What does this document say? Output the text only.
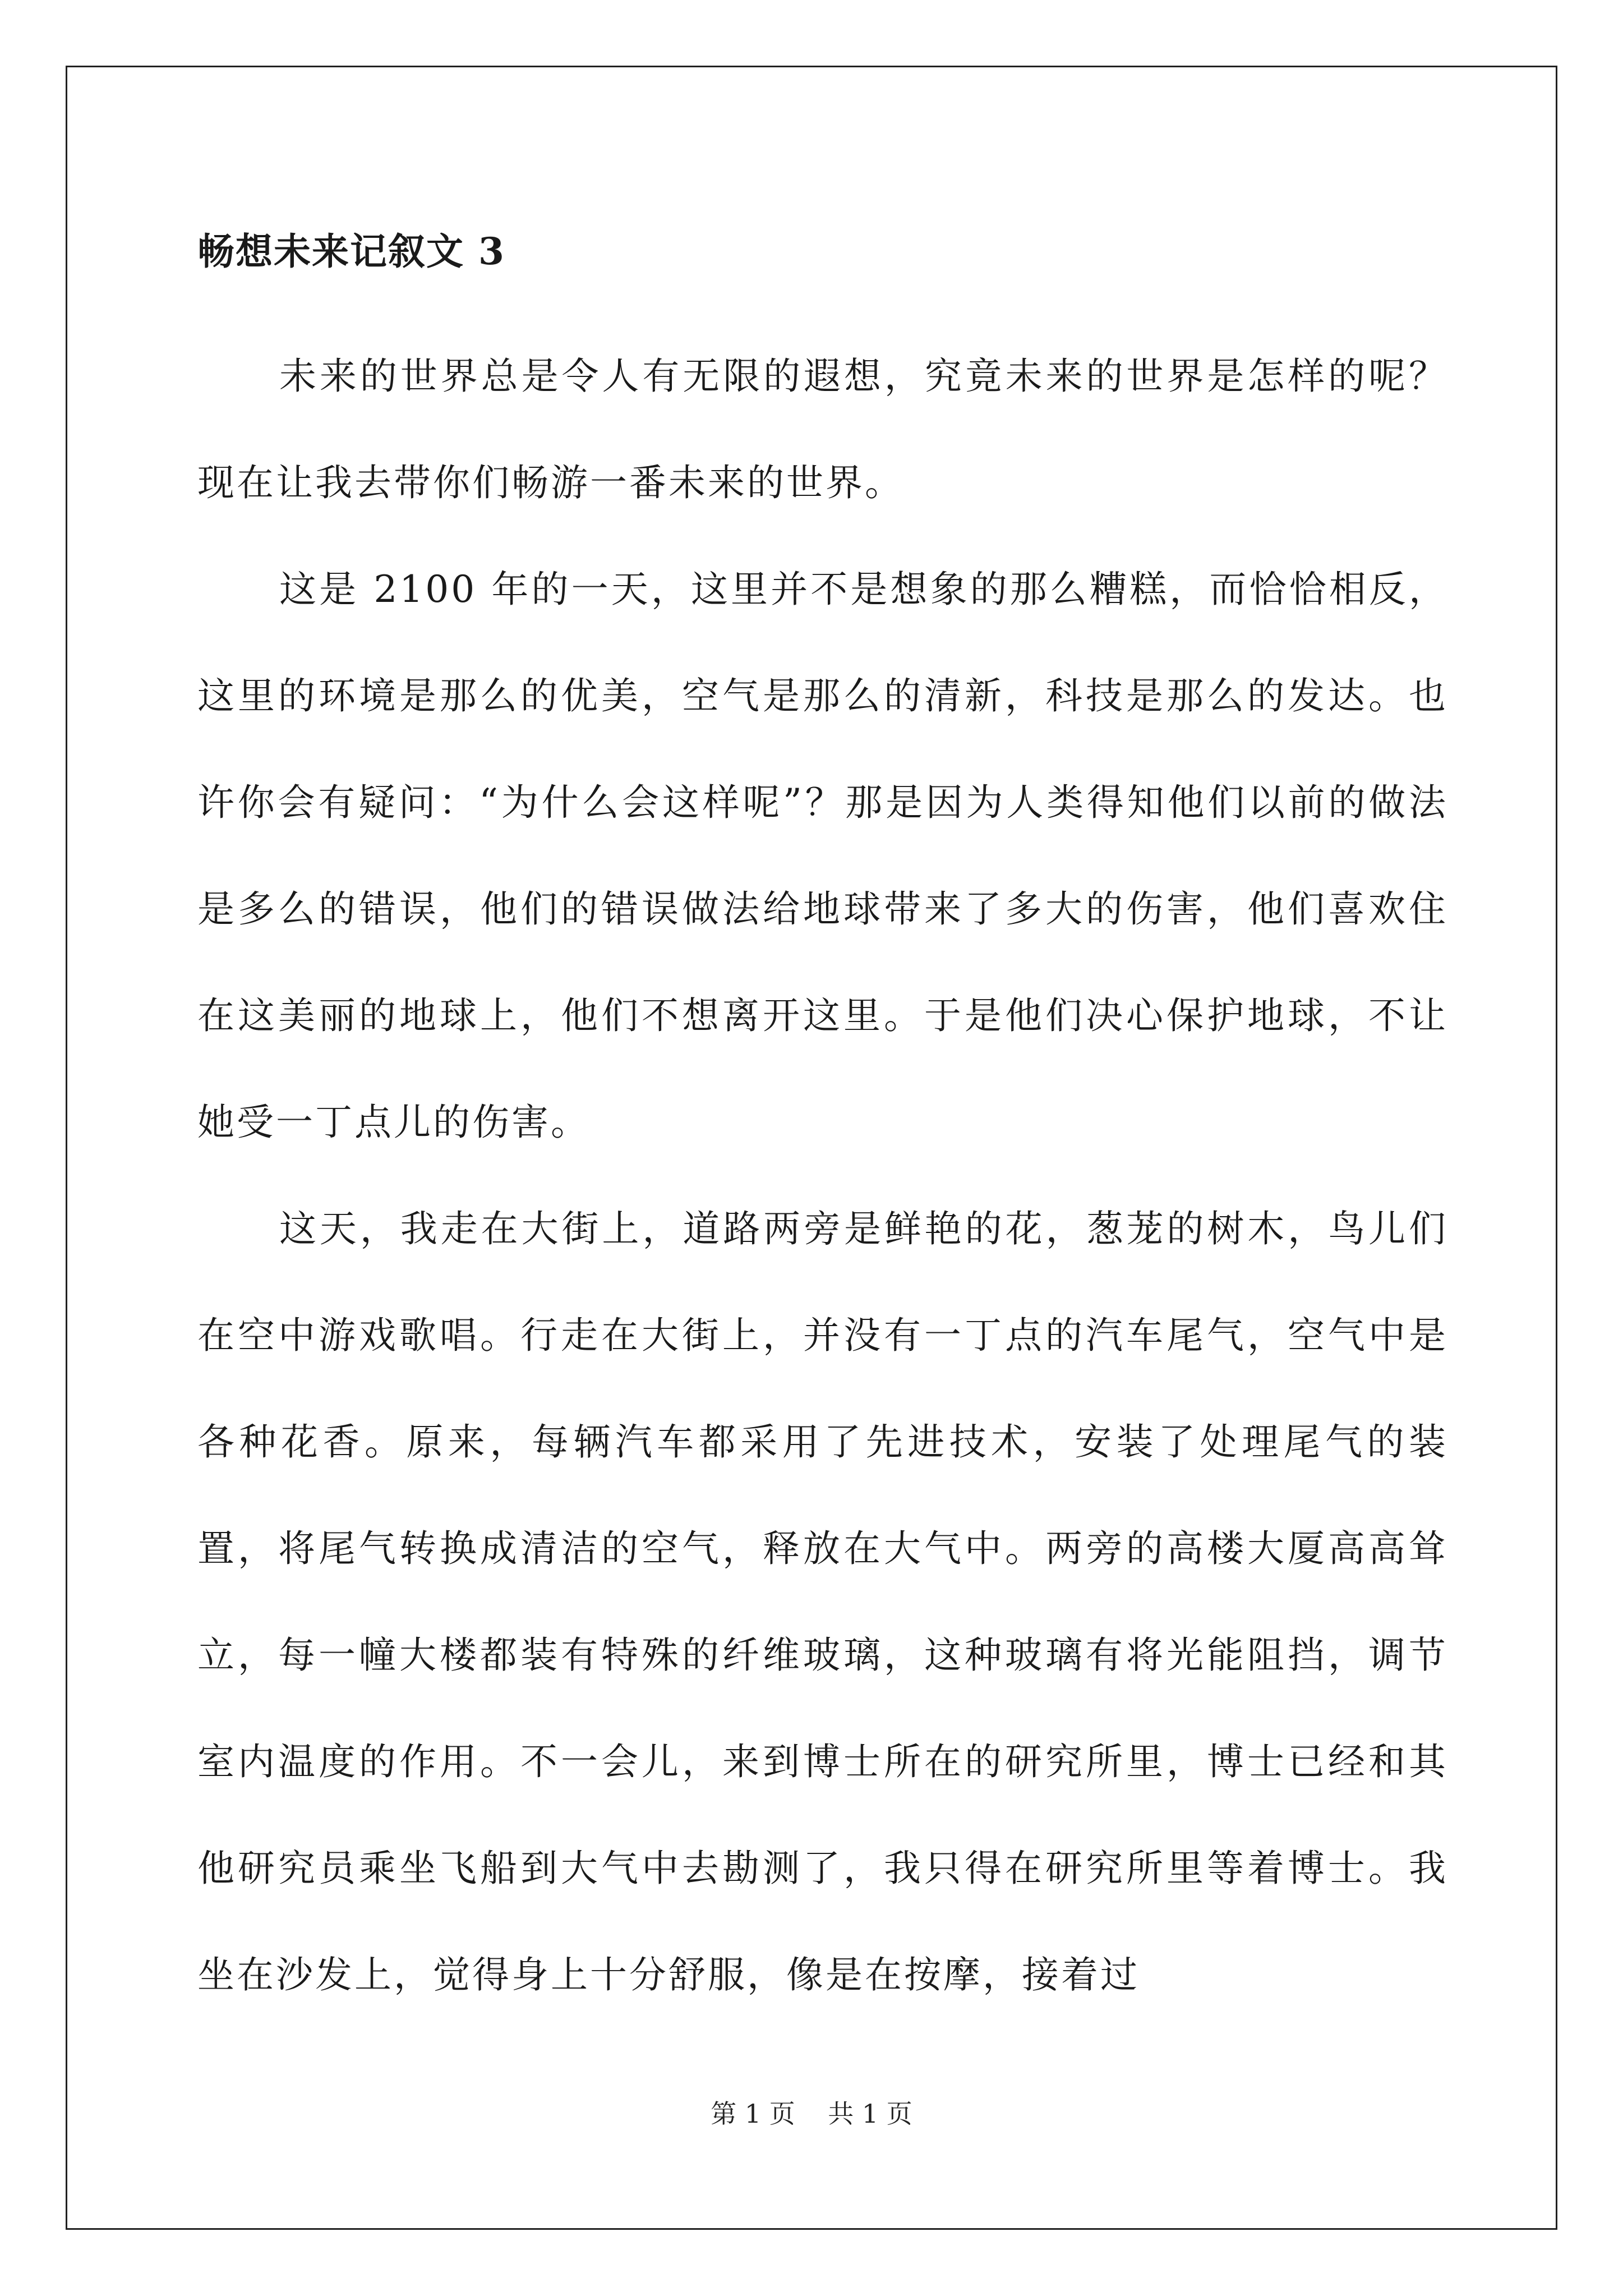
畅想未来记叙文 3

未来的世界总是令人有无限的遐想，究竟未来的世界是怎样的呢？现在让我去带你们畅游一番未来的世界。

这是 2100 年的一天，这里并不是想象的那么糟糕，而恰恰相反，这里的环境是那么的优美，空气是那么的清新，科技是那么的发达。也许你会有疑问：“为什么会这样呢”？那是因为人类得知他们以前的做法是多么的错误，他们的错误做法给地球带来了多大的伤害，他们喜欢住在这美丽的地球上，他们不想离开这里。于是他们决心保护地球，不让她受一丁点儿的伤害。

这天，我走在大街上，道路两旁是鲜艳的花，葱茏的树木，鸟儿们在空中游戏歌唱。行走在大街上，并没有一丁点的汽车尾气，空气中是各种花香。原来，每辆汽车都采用了先进技术，安装了处理尾气的装置，将尾气转换成清洁的空气，释放在大气中。两旁的高楼大厦高高耸立，每一幢大楼都装有特殊的纤维玻璃，这种玻璃有将光能阻挡，调节室内温度的作用。不一会儿，来到博士所在的研究所里，博士已经和其他研究员乘坐飞船到大气中去勘测了，我只得在研究所里等着博士。我坐在沙发上，觉得身上十分舒服，像是在按摩，接着过

第 1 页    共 1 页
